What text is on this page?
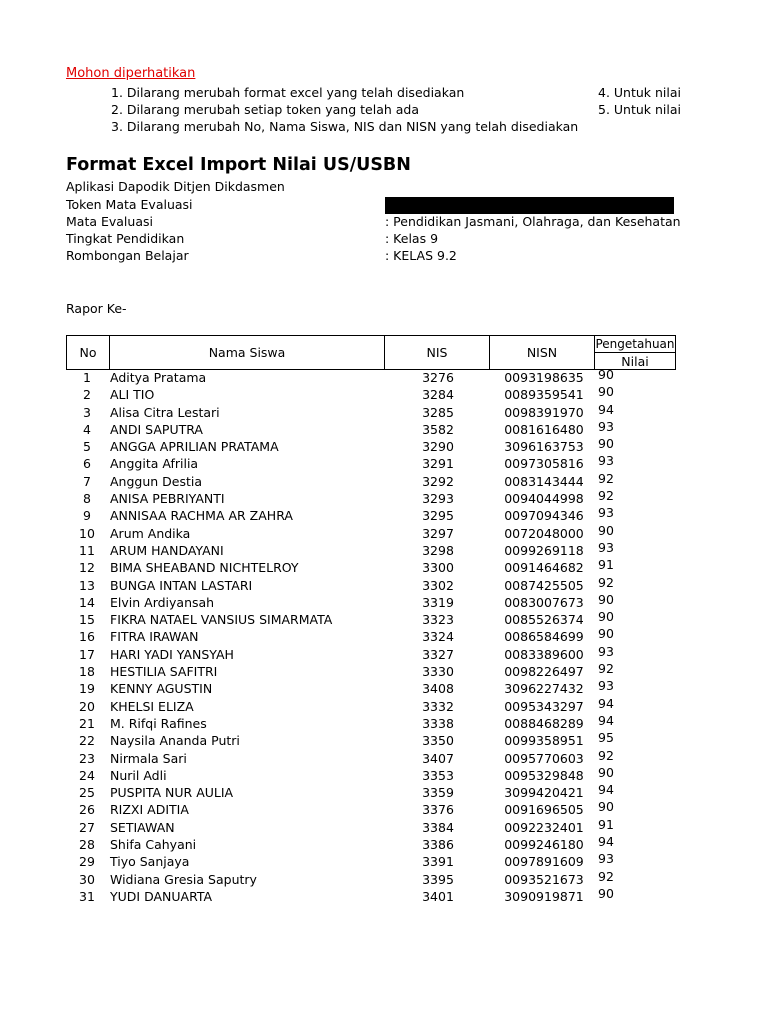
Mohon diperhatikan
1. Dilarang merubah format excel yang telah disediakan
2. Dilarang merubah setiap token yang telah ada
3. Dilarang merubah No, Nama Siswa, NIS dan NISN yang telah disediakan
4. Untuk nilai
5. Untuk nilai
Format Excel Import Nilai US/USBN
Aplikasi Dapodik Ditjen Dikdasmen
Token Mata Evaluasi
Mata Evaluasi	: Pendidikan Jasmani, Olahraga, dan Kesehatan
Tingkat Pendidikan	: Kelas 9
Rombongan Belajar	: KELAS 9.2
Rapor Ke-
No	Nama Siswa	NIS	NISN	Pengetahuan
Nilai
1	Aditya Pratama	3276	0093198635	90
2	ALI TIO	3284	0089359541	90
3	Alisa Citra Lestari	3285	0098391970	94
4	ANDI SAPUTRA	3582	0081616480	93
5	ANGGA APRILIAN PRATAMA	3290	3096163753	90
6	Anggita Afrilia	3291	0097305816	93
7	Anggun Destia	3292	0083143444	92
8	ANISA PEBRIYANTI	3293	0094044998	92
9	ANNISAA RACHMA AR ZAHRA	3295	0097094346	93
10	Arum Andika	3297	0072048000	90
11	ARUM HANDAYANI	3298	0099269118	93
12	BIMA SHEABAND NICHTELROY	3300	0091464682	91
13	BUNGA INTAN LASTARI	3302	0087425505	92
14	Elvin Ardiyansah	3319	0083007673	90
15	FIKRA NATAEL VANSIUS SIMARMATA	3323	0085526374	90
16	FITRA IRAWAN	3324	0086584699	90
17	HARI YADI YANSYAH	3327	0083389600	93
18	HESTILIA SAFITRI	3330	0098226497	92
19	KENNY AGUSTIN	3408	3096227432	93
20	KHELSI ELIZA	3332	0095343297	94
21	M. Rifqi Rafines	3338	0088468289	94
22	Naysila Ananda Putri	3350	0099358951	95
23	Nirmala Sari	3407	0095770603	92
24	Nuril Adli	3353	0095329848	90
25	PUSPITA NUR AULIA	3359	3099420421	94
26	RIZXI ADITIA	3376	0091696505	90
27	SETIAWAN	3384	0092232401	91
28	Shifa Cahyani	3386	0099246180	94
29	Tiyo Sanjaya	3391	0097891609	93
30	Widiana Gresia Saputry	3395	0093521673	92
31	YUDI DANUARTA	3401	3090919871	90
